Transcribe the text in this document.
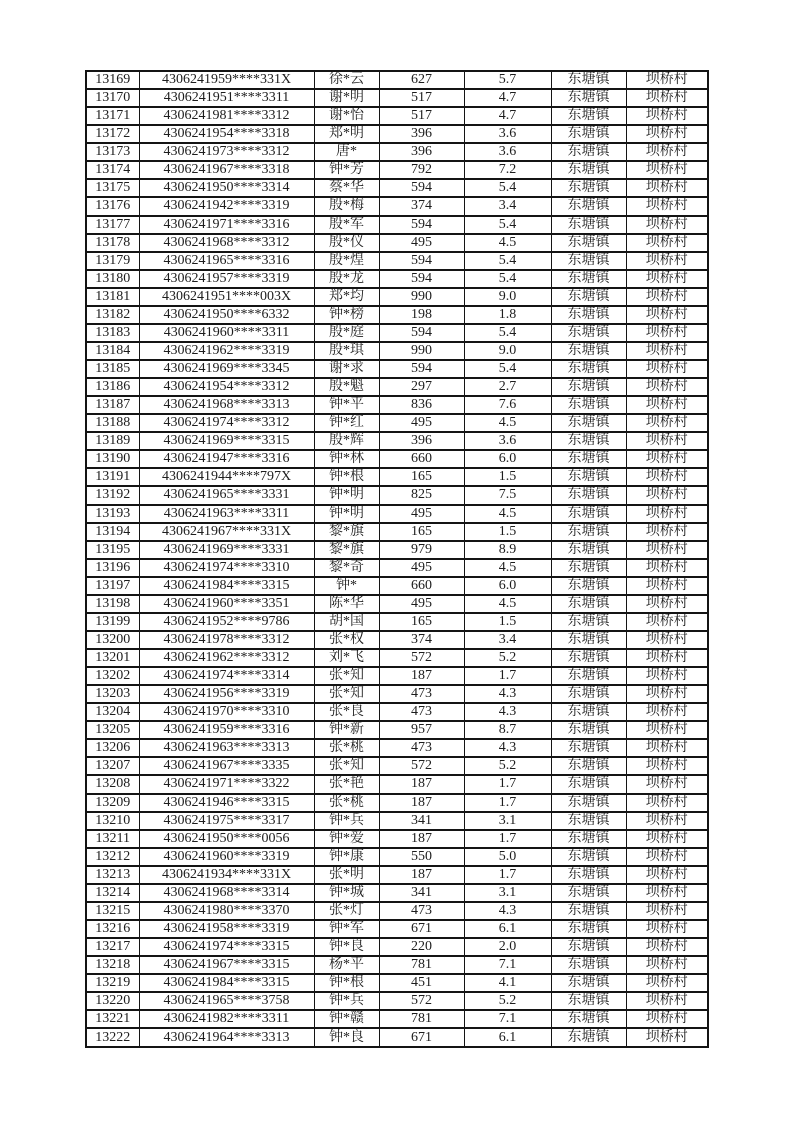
13169	4306241959****331X	徐*云	627	5.7	东塘镇	坝桥村
13170	4306241951****3311	谢*明	517	4.7	东塘镇	坝桥村
13171	4306241981****3312	谢*怡	517	4.7	东塘镇	坝桥村
13172	4306241954****3318	郑*明	396	3.6	东塘镇	坝桥村
13173	4306241973****3312	唐*	396	3.6	东塘镇	坝桥村
13174	4306241967****3318	钟*芳	792	7.2	东塘镇	坝桥村
13175	4306241950****3314	蔡*华	594	5.4	东塘镇	坝桥村
13176	4306241942****3319	殷*梅	374	3.4	东塘镇	坝桥村
13177	4306241971****3316	殷*军	594	5.4	东塘镇	坝桥村
13178	4306241968****3312	殷*仪	495	4.5	东塘镇	坝桥村
13179	4306241965****3316	殷*煌	594	5.4	东塘镇	坝桥村
13180	4306241957****3319	殷*龙	594	5.4	东塘镇	坝桥村
13181	4306241951****003X	郑*均	990	9.0	东塘镇	坝桥村
13182	4306241950****6332	钟*榜	198	1.8	东塘镇	坝桥村
13183	4306241960****3311	殷*庭	594	5.4	东塘镇	坝桥村
13184	4306241962****3319	殷*琪	990	9.0	东塘镇	坝桥村
13185	4306241969****3345	谢*求	594	5.4	东塘镇	坝桥村
13186	4306241954****3312	殷*魁	297	2.7	东塘镇	坝桥村
13187	4306241968****3313	钟*平	836	7.6	东塘镇	坝桥村
13188	4306241974****3312	钟*红	495	4.5	东塘镇	坝桥村
13189	4306241969****3315	殷*辉	396	3.6	东塘镇	坝桥村
13190	4306241947****3316	钟*林	660	6.0	东塘镇	坝桥村
13191	4306241944****797X	钟*根	165	1.5	东塘镇	坝桥村
13192	4306241965****3331	钟*明	825	7.5	东塘镇	坝桥村
13193	4306241963****3311	钟*明	495	4.5	东塘镇	坝桥村
13194	4306241967****331X	黎*旗	165	1.5	东塘镇	坝桥村
13195	4306241969****3331	黎*旗	979	8.9	东塘镇	坝桥村
13196	4306241974****3310	黎*奇	495	4.5	东塘镇	坝桥村
13197	4306241984****3315	钟*	660	6.0	东塘镇	坝桥村
13198	4306241960****3351	陈*华	495	4.5	东塘镇	坝桥村
13199	4306241952****9786	胡*国	165	1.5	东塘镇	坝桥村
13200	4306241978****3312	张*权	374	3.4	东塘镇	坝桥村
13201	4306241962****3312	刘*飞	572	5.2	东塘镇	坝桥村
13202	4306241974****3314	张*知	187	1.7	东塘镇	坝桥村
13203	4306241956****3319	张*知	473	4.3	东塘镇	坝桥村
13204	4306241970****3310	张*良	473	4.3	东塘镇	坝桥村
13205	4306241959****3316	钟*新	957	8.7	东塘镇	坝桥村
13206	4306241963****3313	张*桃	473	4.3	东塘镇	坝桥村
13207	4306241967****3335	张*知	572	5.2	东塘镇	坝桥村
13208	4306241971****3322	张*艳	187	1.7	东塘镇	坝桥村
13209	4306241946****3315	张*桃	187	1.7	东塘镇	坝桥村
13210	4306241975****3317	钟*兵	341	3.1	东塘镇	坝桥村
13211	4306241950****0056	钟*爱	187	1.7	东塘镇	坝桥村
13212	4306241960****3319	钟*康	550	5.0	东塘镇	坝桥村
13213	4306241934****331X	张*明	187	1.7	东塘镇	坝桥村
13214	4306241968****3314	钟*城	341	3.1	东塘镇	坝桥村
13215	4306241980****3370	张*灯	473	4.3	东塘镇	坝桥村
13216	4306241958****3319	钟*军	671	6.1	东塘镇	坝桥村
13217	4306241974****3315	钟*良	220	2.0	东塘镇	坝桥村
13218	4306241967****3315	杨*平	781	7.1	东塘镇	坝桥村
13219	4306241984****3315	钟*根	451	4.1	东塘镇	坝桥村
13220	4306241965****3758	钟*兵	572	5.2	东塘镇	坝桥村
13221	4306241982****3311	钟*赣	781	7.1	东塘镇	坝桥村
13222	4306241964****3313	钟*良	671	6.1	东塘镇	坝桥村
